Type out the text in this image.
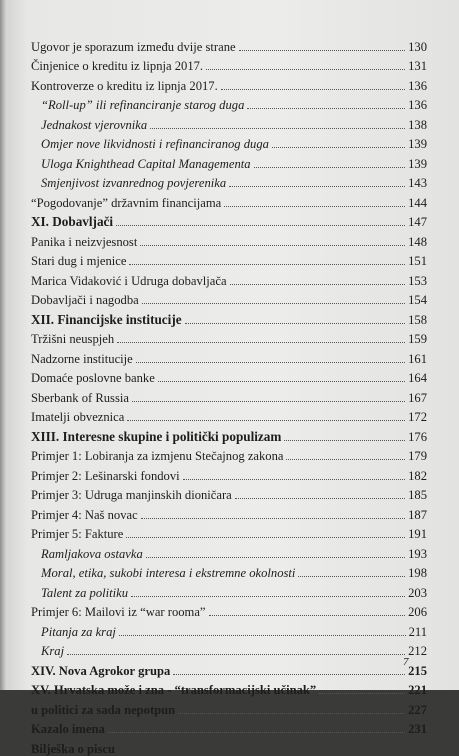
Ugovor je sporazum između dvije strane	130
Činjenice o kreditu iz lipnja 2017.	131
Kontroverze o kreditu iz lipnja 2017.	136
“Roll-up” ili refinanciranje starog duga	136
Jednakost vjerovnika	138
Omjer nove likvidnosti i refinanciranog duga	139
Uloga Knighthead Capital Managementa	139
Smjenjivost izvanrednog povjerenika	143
“Pogodovanje” državnim financijama	144
XI. Dobavljači	147
Panika i neizvjesnost	148
Stari dug i mjenice	151
Marica Vidaković i Udruga dobavljača	153
Dobavljači i nagodba	154
XII. Financijske institucije	158
Tržišni neuspjeh	159
Nadzorne institucije	161
Domaće poslovne banke	164
Sberbank of Russia	167
Imatelji obveznica	172
XIII. Interesne skupine i politički populizam	176
Primjer 1: Lobiranja za izmjenu Stečajnog zakona	179
Primjer 2: Lešinarski fondovi	182
Primjer 3: Udruga manjinskih dioničara	185
Primjer 4: Naš novac	187
Primjer 5: Fakture	191
Ramljakova ostavka	193
Moral, etika, sukobi interesa i ekstremne okolnosti	198
Talent za politiku	203
Primjer 6: Mailovi iz “war rooma”	206
Pitanja za kraj	211
Kraj	212
XIV. Nova Agrokor grupa	215
XV. Hrvatska može i zna - “transformacijski učinak”	221
u politici za sada nepotpun	227
Kazalo imena	231
Bilješka o piscu
7
